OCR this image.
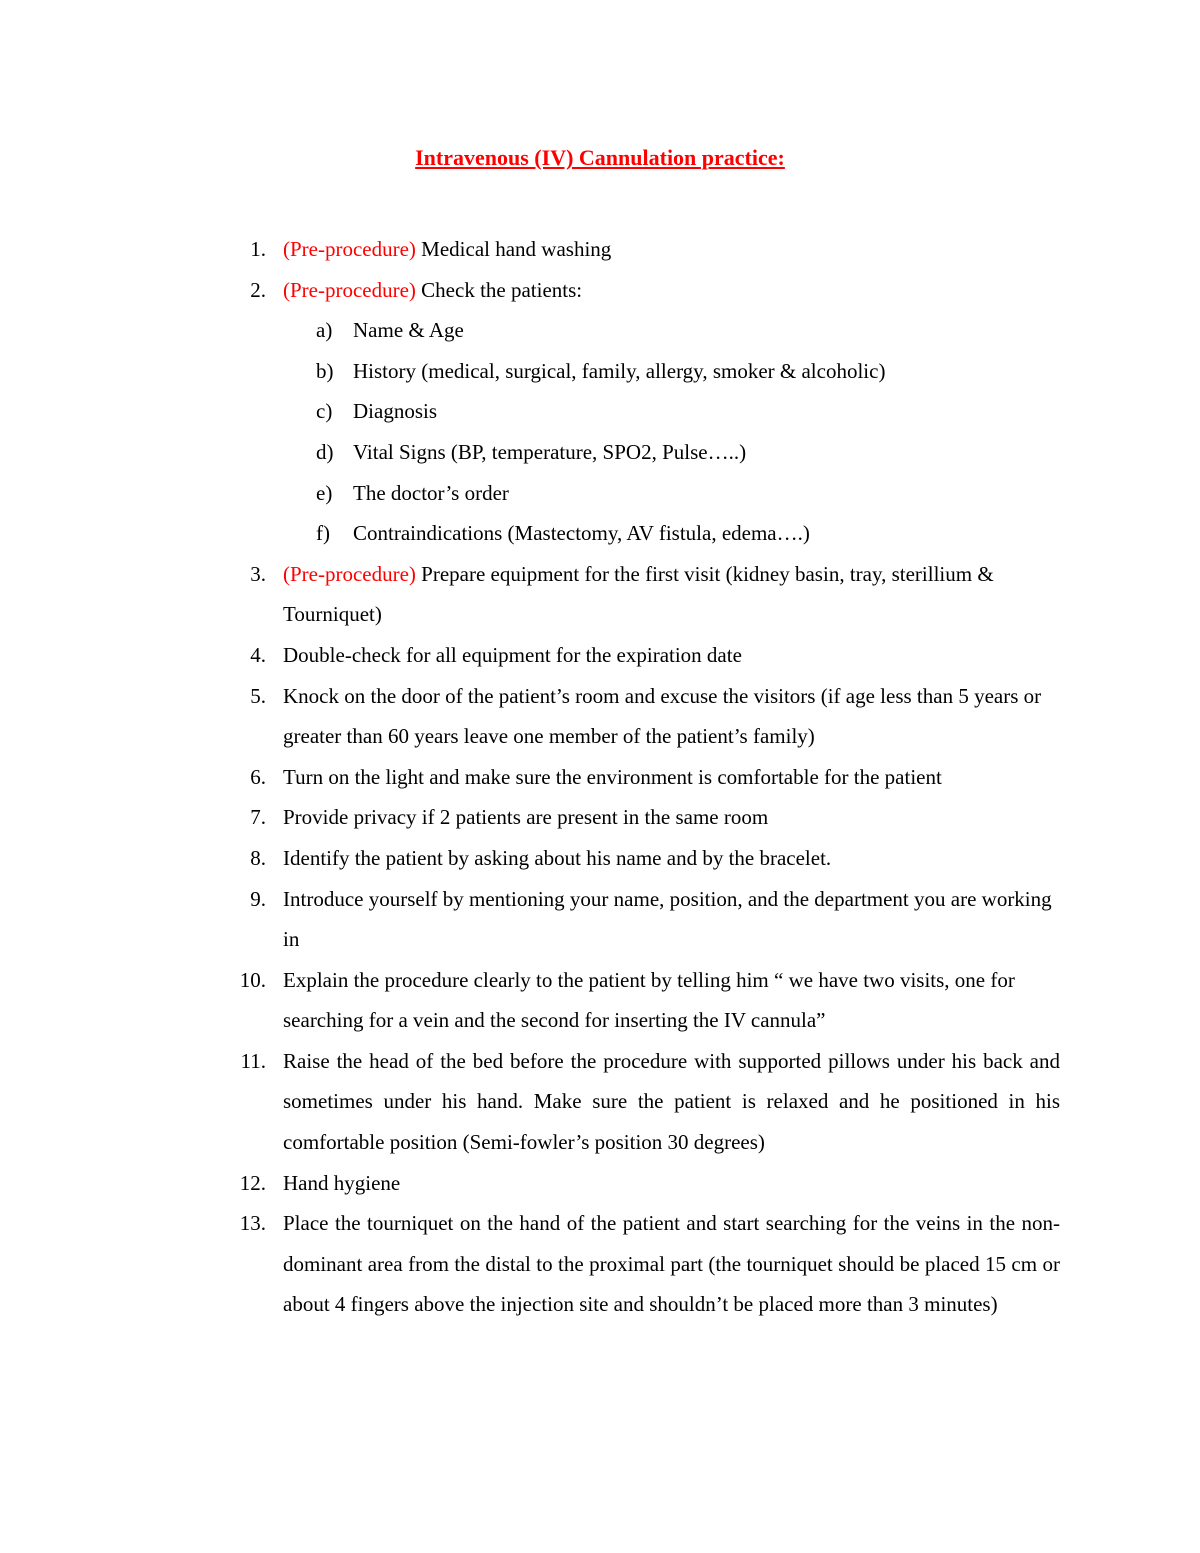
Intravenous (IV) Cannulation practice:
1. (Pre-procedure) Medical hand washing
2. (Pre-procedure) Check the patients:
a) Name & Age
b) History (medical, surgical, family, allergy, smoker & alcoholic)
c) Diagnosis
d) Vital Signs (BP, temperature, SPO2, Pulse…..)
e) The doctor’s order
f) Contraindications (Mastectomy, AV fistula, edema….)
3. (Pre-procedure) Prepare equipment for the first visit (kidney basin, tray, sterillium & Tourniquet)
4. Double-check for all equipment for the expiration date
5. Knock on the door of the patient’s room and excuse the visitors (if age less than 5 years or greater than 60 years leave one member of the patient’s family)
6. Turn on the light and make sure the environment is comfortable for the patient
7. Provide privacy if 2 patients are present in the same room
8. Identify the patient by asking about his name and by the bracelet.
9. Introduce yourself by mentioning your name, position, and the department you are working in
10. Explain the procedure clearly to the patient by telling him “ we have two visits, one for searching for a vein and the second for inserting the IV cannula”
11. Raise the head of the bed before the procedure with supported pillows under his back and sometimes under his hand. Make sure the patient is relaxed and he positioned in his comfortable position (Semi-fowler’s position 30 degrees)
12. Hand hygiene
13. Place the tourniquet on the hand of the patient and start searching for the veins in the non-dominant area from the distal to the proximal part (the tourniquet should be placed 15 cm or about 4 fingers above the injection site and shouldn’t be placed more than 3 minutes)
